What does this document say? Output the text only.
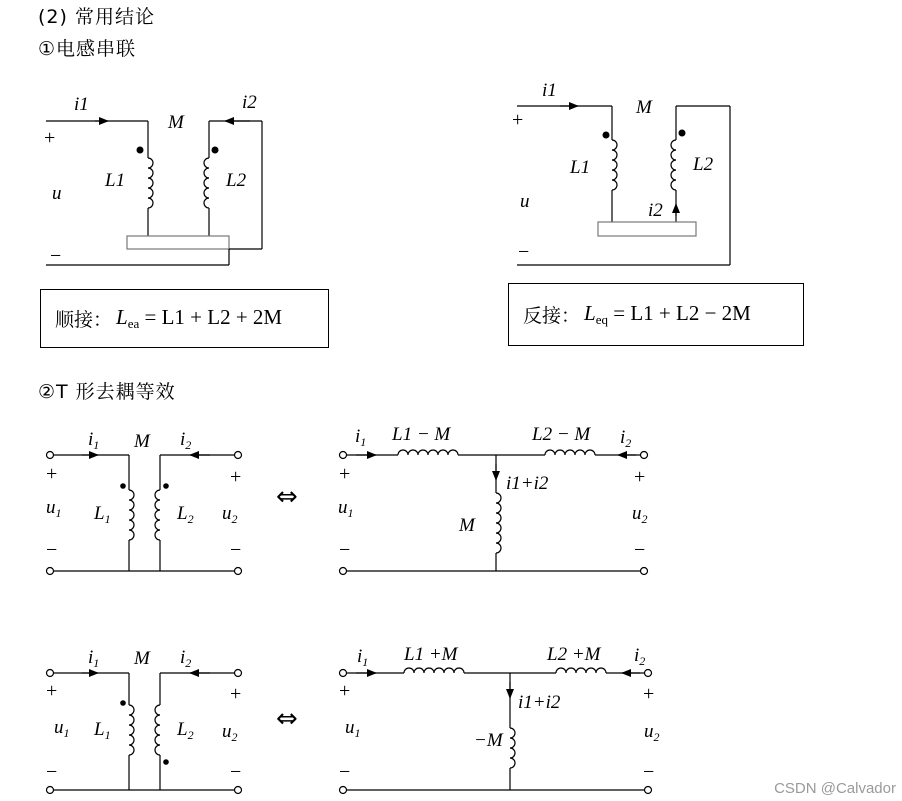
(2) 常用结论
①电感串联
②T 形去耦等效
顺接： $L_{ea} = L1 + L2 + 2M$	反接： $L_{eq} = L1 + L2 - 2M$
i1	i2
M
L1	L2
u
+
−
i1
i2
M
L1	L2
u
+
−
$i_1$	$i_2$
M
$L_1$	$L_2$
$u_1$	$u_2$
+	+
−	−
⇔
$i_1$	$i_2$
L1 − M	L2 − M
i1+i2
M
$u_1$	$u_2$
+	+
−	−
$i_1$	$i_2$
M
$L_1$	$L_2$
$u_1$	$u_2$
+	+
−	−
⇔
$i_1$	$i_2$
L1 +M	L2 +M
i1+i2
−M
$u_1$	$u_2$
+	+
−	−
CSDN @Calvador
